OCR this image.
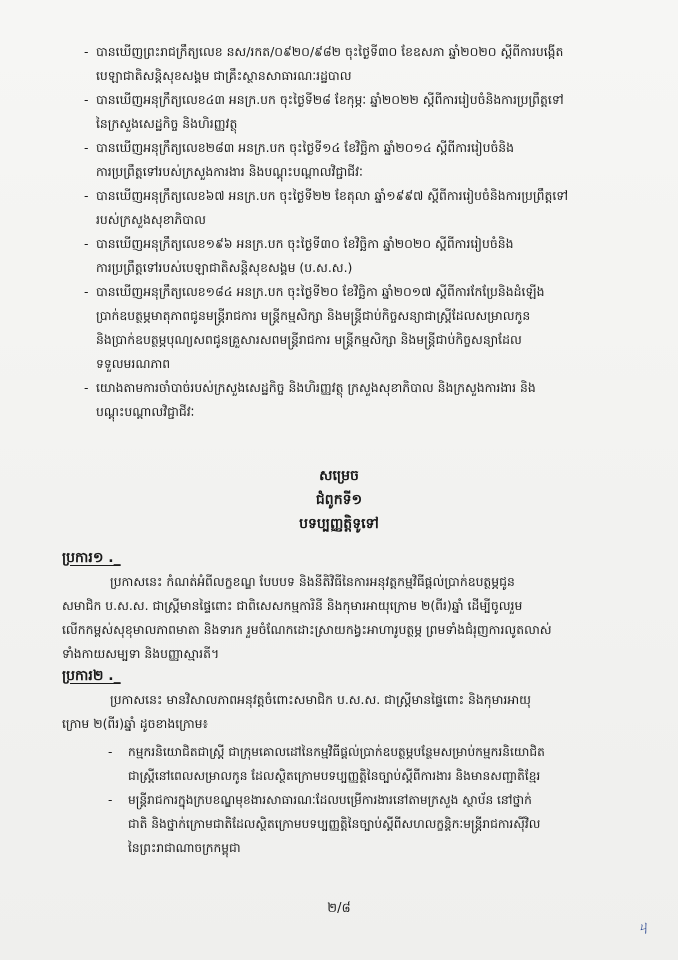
- បានឃើញព្រះរាជក្រឹត្យលេខ នស/រកត/០៩២០/៩៨២ ចុះថ្ងៃទី៣០ ខែឧសភា ឆ្នាំ២០២០ ស្ដីពីការបង្កើត
បេឡាជាតិសន្តិសុខសង្គម ជាគ្រឹះស្ថានសាធារណៈរដ្ឋបាល
- បានឃើញអនុក្រឹត្យលេខ៤៣ អនក្រ.បក ចុះថ្ងៃទី២៨ ខែកុម្ភៈ ឆ្នាំ២០២២ ស្ដីពីការរៀបចំនិងការប្រព្រឹត្តទៅ
នៃក្រសួងសេដ្ឋកិច្ច និងហិរញ្ញវត្ថុ
- បានឃើញអនុក្រឹត្យលេខ២៨៣ អនក្រ.បក ចុះថ្ងៃទី១៤ ខែវិច្ឆិកា ឆ្នាំ២០១៤ ស្ដីពីការរៀបចំនិង
ការប្រព្រឹត្តទៅរបស់ក្រសួងការងារ និងបណ្តុះបណ្តាលវិជ្ជាជីវៈ
- បានឃើញអនុក្រឹត្យលេខ៦៧ អនក្រ.បក ចុះថ្ងៃទី២២ ខែតុលា ឆ្នាំ១៩៩៧ ស្ដីពីការរៀបចំនិងការប្រព្រឹត្តទៅ
របស់ក្រសួងសុខាភិបាល
- បានឃើញអនុក្រឹត្យលេខ១៩៦ អនក្រ.បក ចុះថ្ងៃទី៣០ ខែវិច្ឆិកា ឆ្នាំ២០២០ ស្ដីពីការរៀបចំនិង
ការប្រព្រឹត្តទៅរបស់បេឡាជាតិសន្តិសុខសង្គម (ប.ស.ស.)
- បានឃើញអនុក្រឹត្យលេខ១៨៤ អនក្រ.បក ចុះថ្ងៃទី២០ ខែវិច្ឆិកា ឆ្នាំ២០១៧ ស្ដីពីការកែប្រែនិងដំឡើង
ប្រាក់ឧបត្ថម្ភមាតុភាពជូនមន្ត្រីរាជការ មន្ត្រីកម្មសិក្សា និងមន្ត្រីជាប់កិច្ចសន្យាជាស្ត្រីដែលសម្រាលកូន
និងប្រាក់ឧបត្ថម្ភបុណ្យសពជូនគ្រួសារសពមន្ត្រីរាជការ មន្ត្រីកម្មសិក្សា និងមន្ត្រីជាប់កិច្ចសន្យាដែល
ទទួលមរណភាព
- យោងតាមការចាំបាច់របស់ក្រសួងសេដ្ឋកិច្ច និងហិរញ្ញវត្ថុ ក្រសួងសុខាភិបាល និងក្រសួងការងារ និង
បណ្តុះបណ្តាលវិជ្ជាជីវៈ
សម្រេច
ជំពូកទី១
បទប្បញ្ញត្តិទូទៅ
ប្រការ១ ._
ប្រកាសនេះ កំណត់អំពីលក្ខខណ្ឌ បែបបទ និងនីតិវិធីនៃការអនុវត្តកម្មវិធីផ្តល់ប្រាក់ឧបត្ថម្ភជូន
សមាជិក ប.ស.ស. ជាស្ត្រីមានផ្ទៃពោះ ជាពិសេសកម្មការិនី និងកុមារអាយុក្រោម ២(ពីរ)ឆ្នាំ ដើម្បីចូលរួម
លើកកម្ពស់សុខុមាលភាពមាតា និងទារក រួមចំណែកដោះស្រាយកង្វះអាហារូបត្ថម្ភ ព្រមទាំងជំរុញការលូតលាស់
ទាំងកាយសម្បទា និងបញ្ញាស្មារតី។
ប្រការ២ ._
ប្រកាសនេះ មានវិសាលភាពអនុវត្តចំពោះសមាជិក ប.ស.ស. ជាស្ត្រីមានផ្ទៃពោះ និងកុមារអាយុ
ក្រោម ២(ពីរ)ឆ្នាំ ដូចខាងក្រោម៖
- កម្មករនិយោជិតជាស្ត្រី ជាក្រុមគោលដៅនៃកម្មវិធីផ្តល់ប្រាក់ឧបត្ថម្ភបន្ថែមសម្រាប់កម្មករនិយោជិត
ជាស្ត្រីនៅពេលសម្រាលកូន ដែលស្ថិតក្រោមបទប្បញ្ញត្តិនៃច្បាប់ស្ដីពីការងារ និងមានសញ្ជាតិខ្មែរ
- មន្ត្រីរាជការក្នុងក្របខណ្ឌមុខងារសាធារណៈដែលបម្រើការងារនៅតាមក្រសួង ស្ថាប័ន នៅថ្នាក់
ជាតិ និងថ្នាក់ក្រោមជាតិដែលស្ថិតក្រោមបទប្បញ្ញត្តិនៃច្បាប់ស្ដីពីសហលក្ខន្តិកៈមន្ត្រីរាជការស៊ីវិល
នៃព្រះរាជាណាចក្រកម្ពុជា
២/៨
ㄐ
